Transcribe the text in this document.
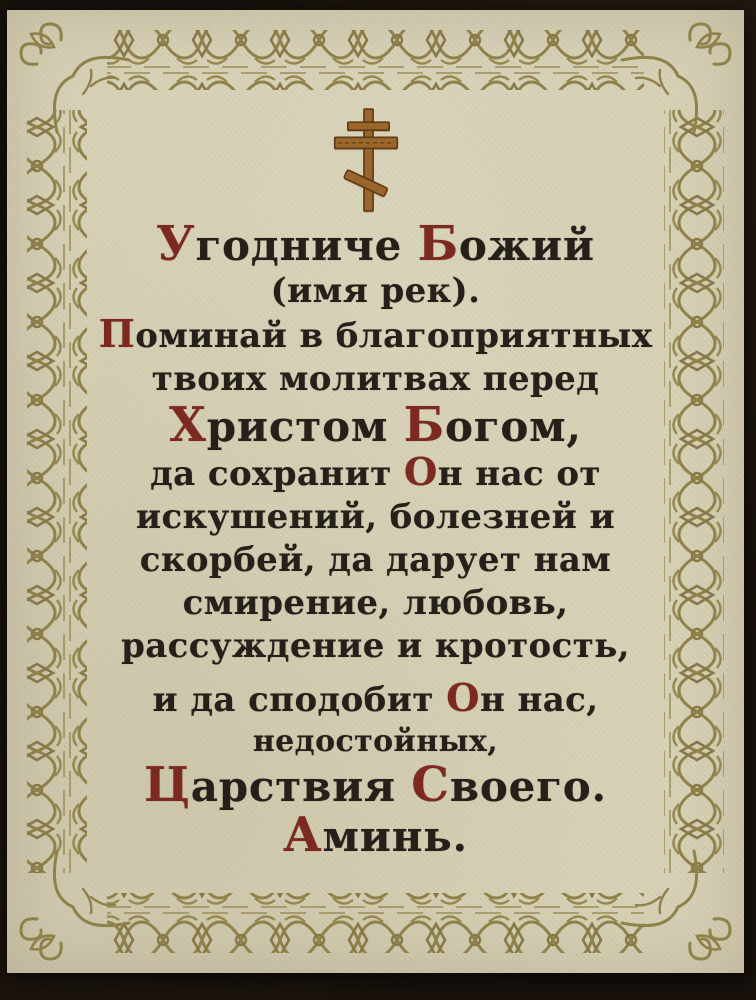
Угодниче Божий
(имя рек).
Поминай в благоприятных
твоих молитвах перед
Христом Богом,
да сохранит Он нас от
искушений, болезней и
скорбей, да дарует нам
смирение, любовь,
рассуждение и кротость,
и да сподобит Он нас,
недостойных,
Царствия Своего.
Аминь.
